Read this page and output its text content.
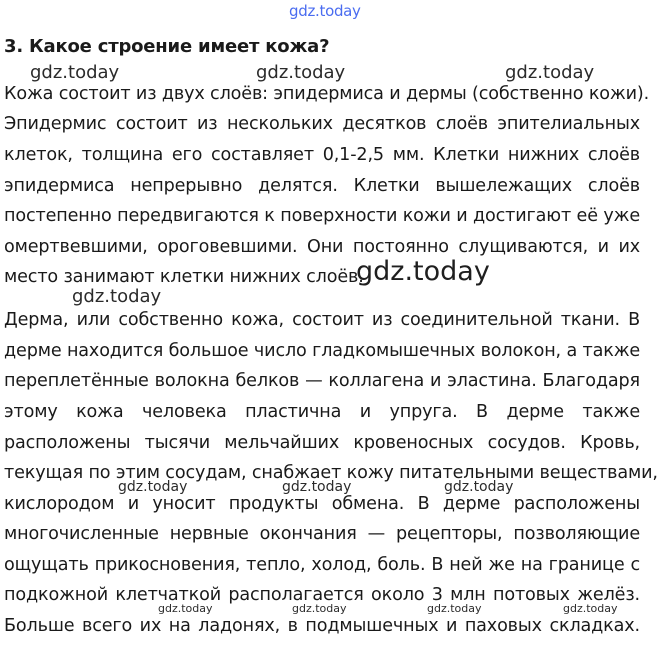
gdz.today
3. Какое строение имеет кожа?
Кожа состоит из двух слоёв: эпидермиса и дермы (собственно кожи).
Эпидермис состоит из нескольких десятков слоёв эпителиальных
клеток, толщина его составляет 0,1-2,5 мм. Клетки нижних слоёв
эпидермиса непрерывно делятся. Клетки вышележащих слоёв
постепенно передвигаются к поверхности кожи и достигают её уже
омертвевшими, ороговевшими. Они постоянно слущиваются, и их
место занимают клетки нижних слоёв.
Дерма, или собственно кожа, состоит из соединительной ткани. В
дерме находится большое число гладкомышечных волокон, а также
переплетённые волокна белков — коллагена и эластина. Благодаря
этому кожа человека пластична и упруга. В дерме также
расположены тысячи мельчайших кровеносных сосудов. Кровь,
текущая по этим сосудам, снабжает кожу питательными веществами,
кислородом и уносит продукты обмена. В дерме расположены
многочисленные нервные окончания — рецепторы, позволяющие
ощущать прикосновения, тепло, холод, боль. В ней же на границе с
подкожной клетчаткой располагается около 3 млн потовых желёз.
Больше всего их на ладонях, в подмышечных и паховых складках.
gdz.today	gdz.today	gdz.today
gdz.today
gdz.today
gdz.today	gdz.today	gdz.today
gdz.today	gdz.today	gdz.today	gdz.today
